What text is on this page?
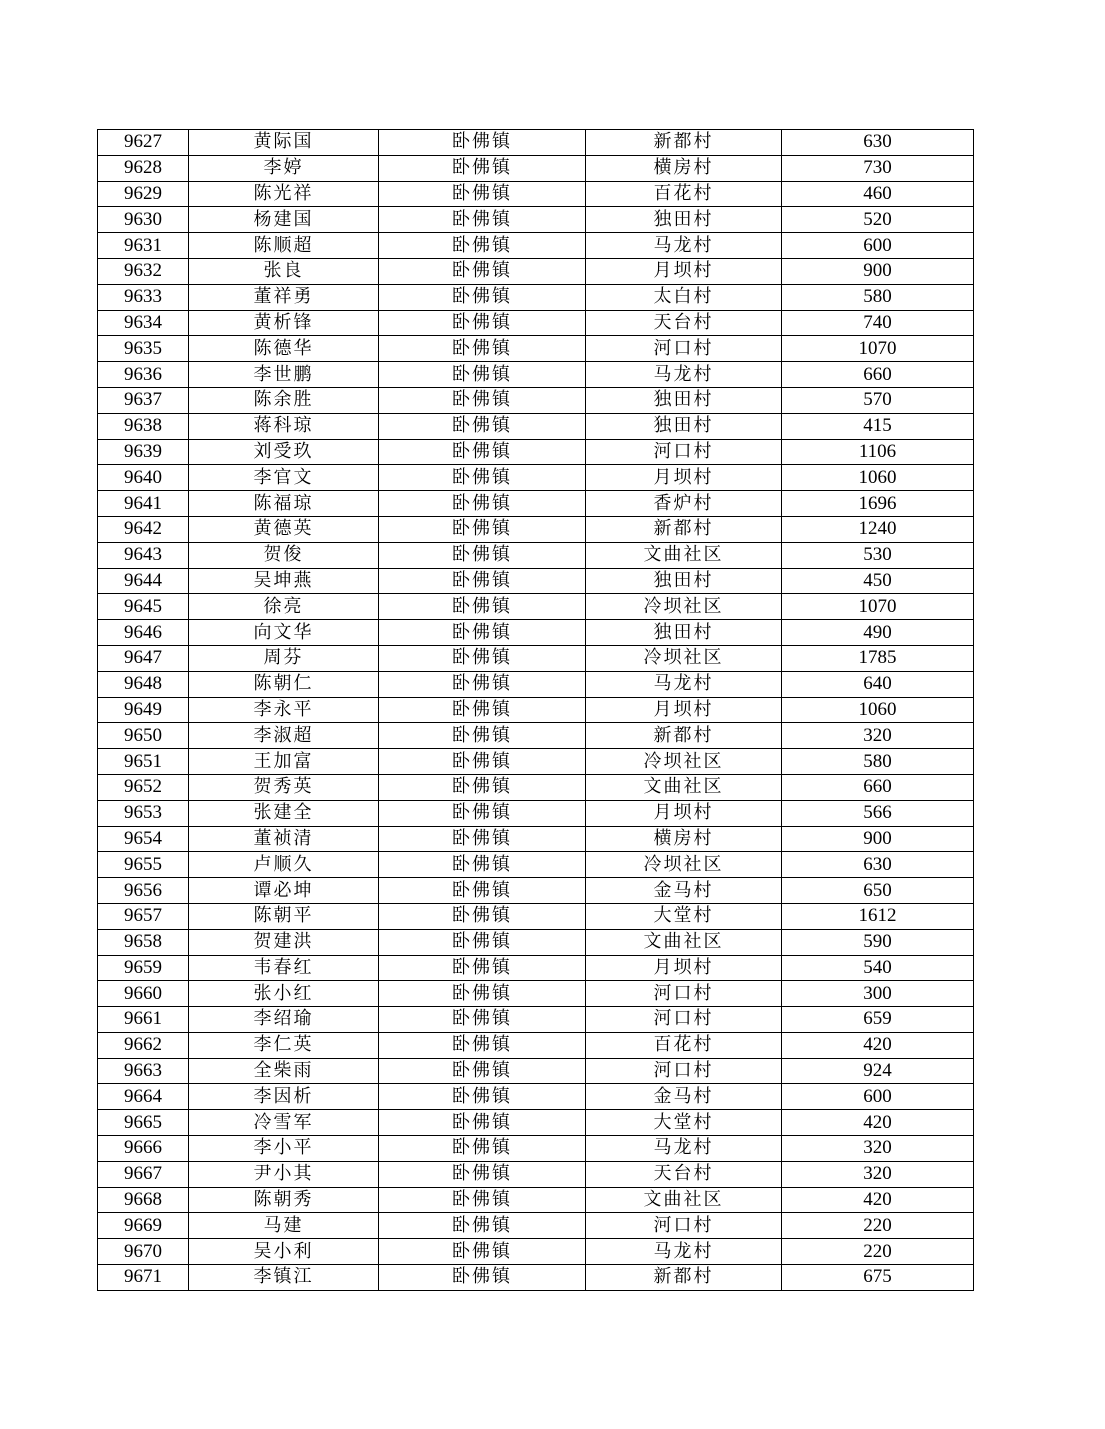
9627	黄际国	卧佛镇	新都村	630
9628	李婷	卧佛镇	横房村	730
9629	陈光祥	卧佛镇	百花村	460
9630	杨建国	卧佛镇	独田村	520
9631	陈顺超	卧佛镇	马龙村	600
9632	张良	卧佛镇	月坝村	900
9633	董祥勇	卧佛镇	太白村	580
9634	黄析锋	卧佛镇	天台村	740
9635	陈德华	卧佛镇	河口村	1070
9636	李世鹏	卧佛镇	马龙村	660
9637	陈余胜	卧佛镇	独田村	570
9638	蒋科琼	卧佛镇	独田村	415
9639	刘受玖	卧佛镇	河口村	1106
9640	李官文	卧佛镇	月坝村	1060
9641	陈福琼	卧佛镇	香炉村	1696
9642	黄德英	卧佛镇	新都村	1240
9643	贺俊	卧佛镇	文曲社区	530
9644	吴坤燕	卧佛镇	独田村	450
9645	徐亮	卧佛镇	冷坝社区	1070
9646	向文华	卧佛镇	独田村	490
9647	周芬	卧佛镇	冷坝社区	1785
9648	陈朝仁	卧佛镇	马龙村	640
9649	李永平	卧佛镇	月坝村	1060
9650	李淑超	卧佛镇	新都村	320
9651	王加富	卧佛镇	冷坝社区	580
9652	贺秀英	卧佛镇	文曲社区	660
9653	张建全	卧佛镇	月坝村	566
9654	董祯清	卧佛镇	横房村	900
9655	卢顺久	卧佛镇	冷坝社区	630
9656	谭必坤	卧佛镇	金马村	650
9657	陈朝平	卧佛镇	大堂村	1612
9658	贺建洪	卧佛镇	文曲社区	590
9659	韦春红	卧佛镇	月坝村	540
9660	张小红	卧佛镇	河口村	300
9661	李绍瑜	卧佛镇	河口村	659
9662	李仁英	卧佛镇	百花村	420
9663	全柴雨	卧佛镇	河口村	924
9664	李因析	卧佛镇	金马村	600
9665	冷雪军	卧佛镇	大堂村	420
9666	李小平	卧佛镇	马龙村	320
9667	尹小其	卧佛镇	天台村	320
9668	陈朝秀	卧佛镇	文曲社区	420
9669	马建	卧佛镇	河口村	220
9670	吴小利	卧佛镇	马龙村	220
9671	李镇江	卧佛镇	新都村	675
